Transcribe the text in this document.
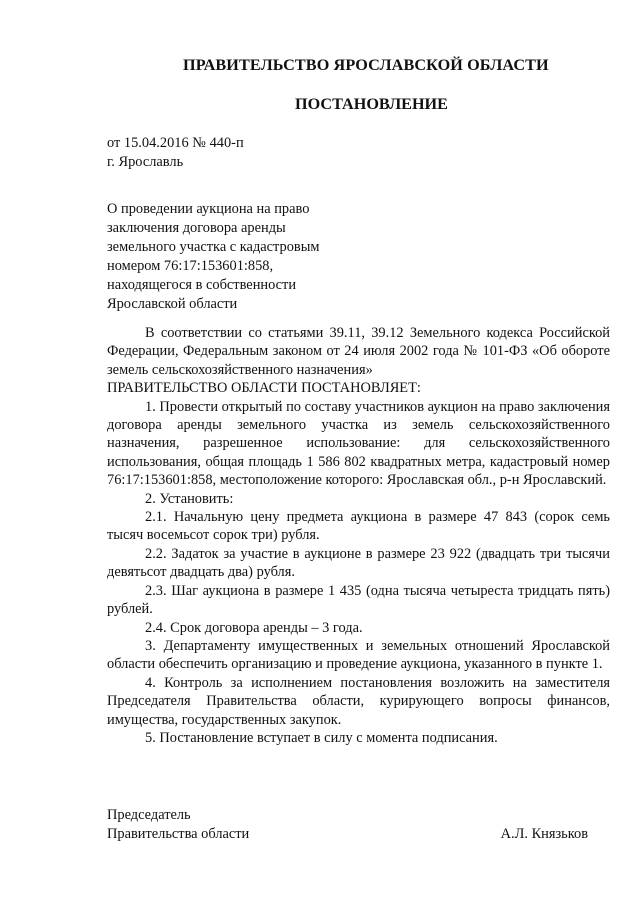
ПРАВИТЕЛЬСТВО ЯРОСЛАВСКОЙ ОБЛАСТИ
ПОСТАНОВЛЕНИЕ
от 15.04.2016 № 440-п
г. Ярославль
О проведении аукциона на право
заключения договора аренды
земельного участка с кадастровым
номером 76:17:153601:858,
находящегося в собственности
Ярославской области

В соответствии со статьями 39.11, 39.12 Земельного кодекса Российской Федерации, Федеральным законом от 24 июля 2002 года № 101-ФЗ «Об обороте земель сельскохозяйственного назначения»

ПРАВИТЕЛЬСТВО ОБЛАСТИ ПОСТАНОВЛЯЕТ:

1. Провести открытый по составу участников аукцион на право заключения договора аренды земельного участка из земель сельскохозяйственного назначения, разрешенное использование: для сельскохозяйственного использования, общая площадь 1 586 802 квадратных метра, кадастровый номер 76:17:153601:858, местоположение которого: Ярославская обл., р-н Ярославский.

2. Установить:

2.1. Начальную цену предмета аукциона в размере 47 843 (сорок семь тысяч восемьсот сорок три) рубля.

2.2. Задаток за участие в аукционе в размере 23 922 (двадцать три тысячи девятьсот двадцать два) рубля.

2.3. Шаг аукциона в размере 1 435 (одна тысяча четыреста тридцать пять) рублей.

2.4. Срок договора аренды – 3 года.

3. Департаменту имущественных и земельных отношений Ярославской области обеспечить организацию и проведение аукциона, указанного в пункте 1.

4. Контроль за исполнением постановления возложить на заместителя Председателя Правительства области, курирующего вопросы финансов, имущества, государственных закупок.

5. Постановление вступает в силу с момента подписания.

Председатель
Правительства области	А.Л. Князьков
